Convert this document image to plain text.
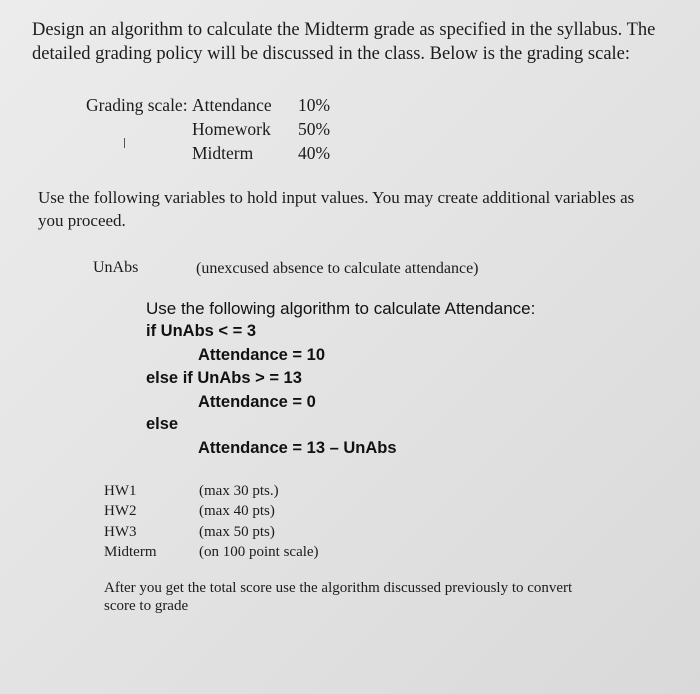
Design an algorithm to calculate the Midterm grade as specified in the syllabus. The
detailed grading policy will be discussed in the class. Below is the grading scale:
Grading scale: Attendance 10%
Homework 50%
Midterm	40%
Use the following variables to hold input values. You may create additional variables as
you proceed.
UnAbs	(unexcused absence to calculate attendance)
Use the following algorithm to calculate Attendance:
if UnAbs < = 3
Attendance = 10
else if UnAbs > = 13
Attendance = 0
else
Attendance = 13 – UnAbs
HW1	(max 30 pts.)
HW2	(max 40 pts)
HW3	(max 50 pts)
Midterm	(on 100 point scale)
After you get the total score use the algorithm discussed previously to convert
score to grade
